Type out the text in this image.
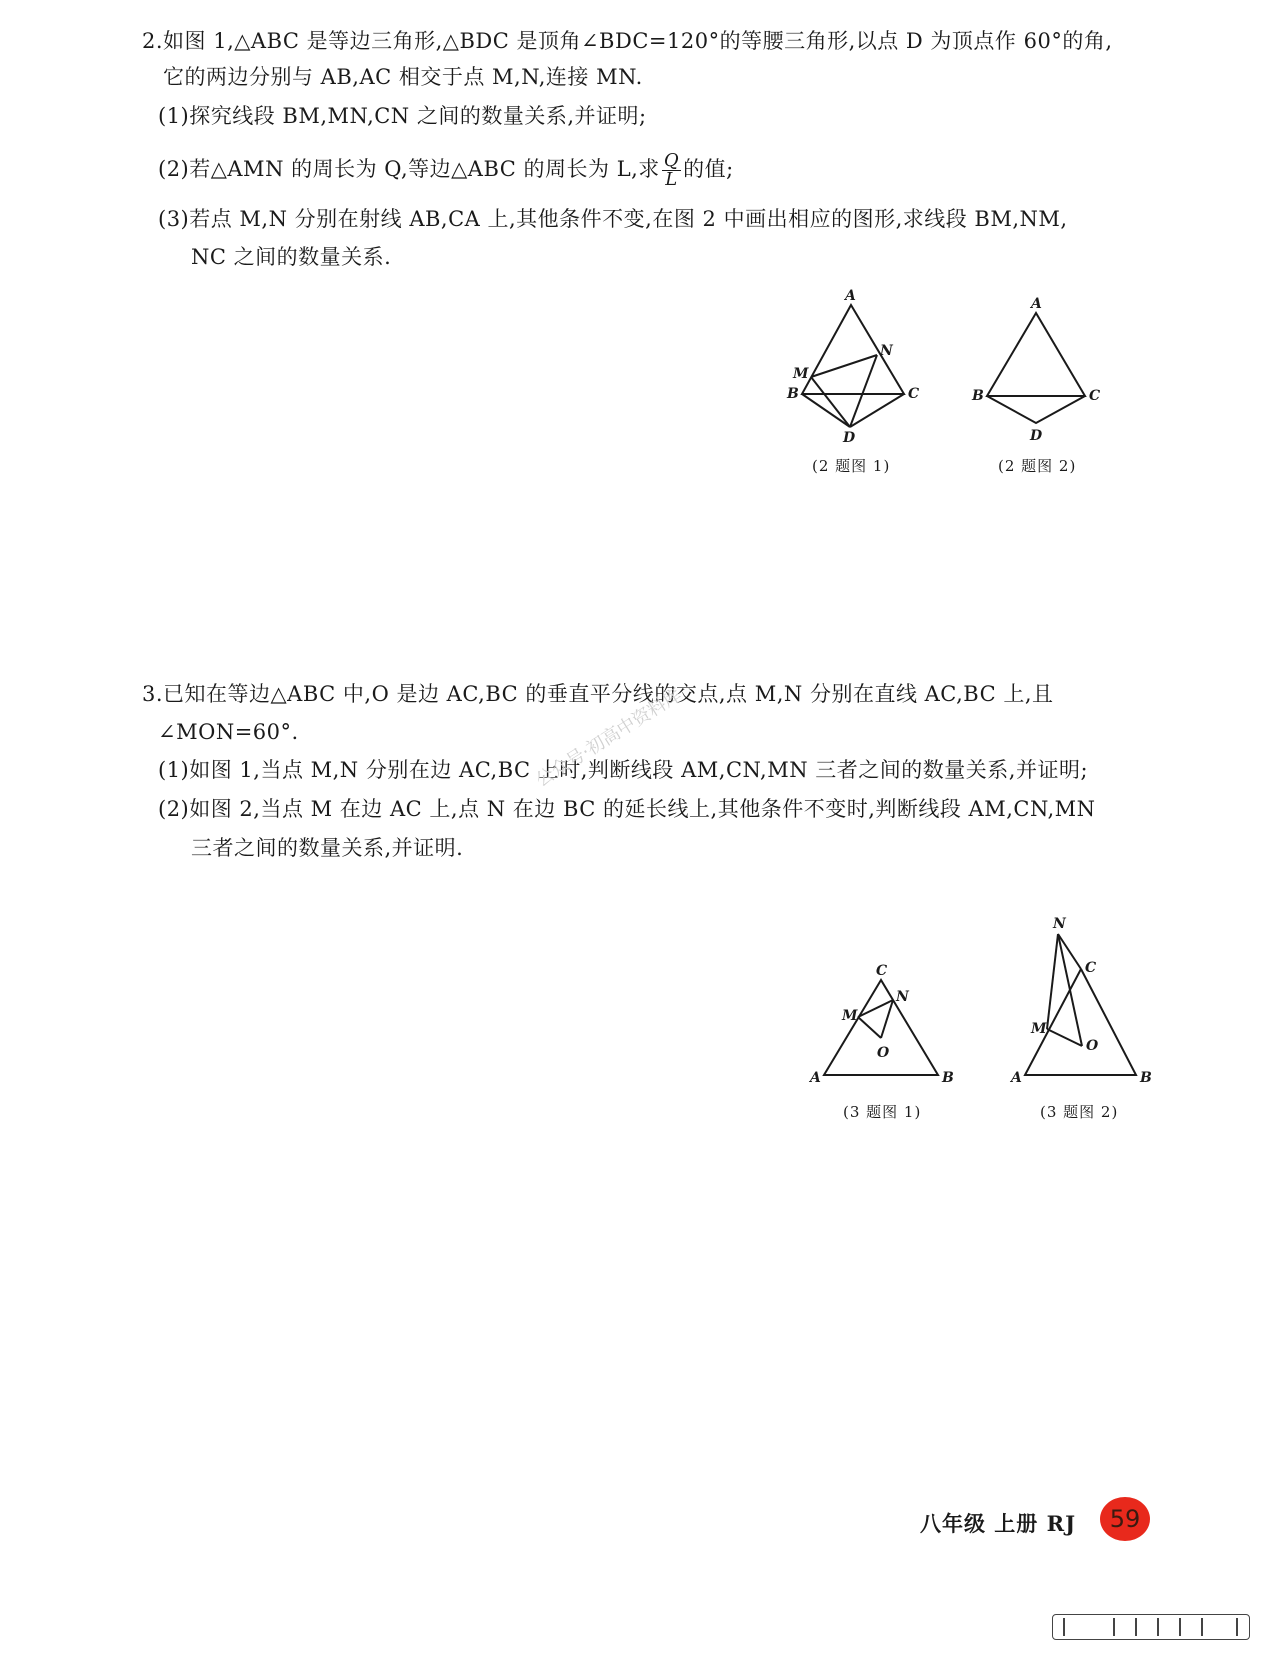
2.如图 1,△ABC 是等边三角形,△BDC 是顶角∠BDC=120°的等腰三角形,以点 D 为顶点作 60°的角,
它的两边分别与 AB,AC 相交于点 M,N,连接 MN.
(1)探究线段 BM,MN,CN 之间的数量关系,并证明;
(2)若△AMN 的周长为 Q,等边△ABC 的周长为 L,求 $\frac{Q}{L}$ 的值;
(3)若点 M,N 分别在射线 AB,CA 上,其他条件不变,在图 2 中画出相应的图形,求线段 BM,NM,
NC 之间的数量关系.
A
B	C
D
M
N
A
B	C
D
(2 题图 1)	(2 题图 2)
3.已知在等边△ABC 中,O 是边 AC,BC 的垂直平分线的交点,点 M,N 分别在直线 AC,BC 上,且
∠MON=60°.
(1)如图 1,当点 M,N 分别在边 AC,BC 上时,判断线段 AM,CN,MN 三者之间的数量关系,并证明;
(2)如图 2,当点 M 在边 AC 上,点 N 在边 BC 的延长线上,其他条件不变时,判断线段 AM,CN,MN
三者之间的数量关系,并证明.
公众号·初高中资料库
C
N
M
O
A	B
N
C
M
O
A	B
(3 题图 1)	(3 题图 2)
八年级 上册 RJ	59
